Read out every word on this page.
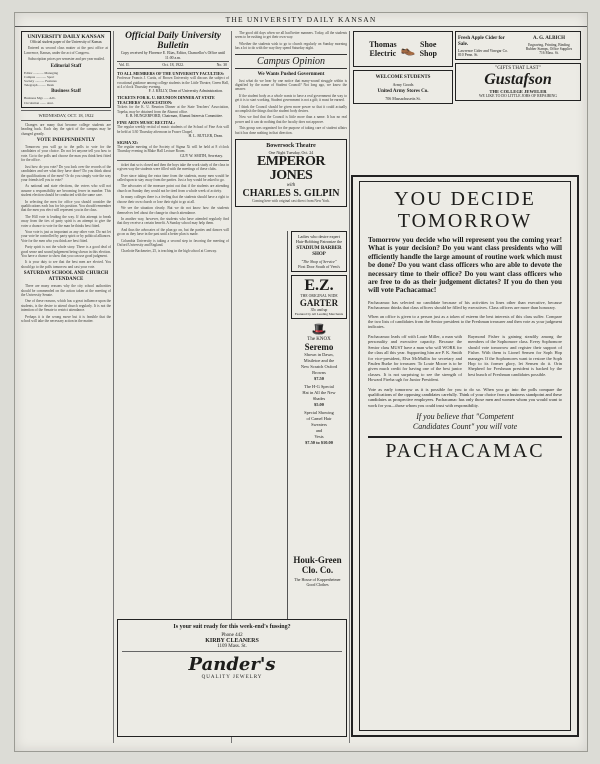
THE UNIVERSITY DAILY KANSAN
UNIVERSITY DAILY KANSAN
Official student paper of the University of Kansas

Entered as second class matter at the post office at Lawrence, Kansas, under the act of Congress.

Subscription prices per semester and per year mailed.

Editorial Staff
Editor ............ Managing
Campus ............ Sport
Society ........... Features
Telegraph ......... Desk
Business Staff
Business Mgr. ..... Adv.
Circulation ....... Asst.
WEDNESDAY, OCT. 18, 1922

Changes are many that become college students are heading back. Each day the spirit of the campus may be changed greatly.

VOTE INDEPENDENTLY

Tomorrow you will go to the polls to vote for the candidates of your choice. Do not let anyone tell you how to vote. Go to the polls and choose the man you think best fitted for the office.

Just how do you vote? Do you look over the records of the candidates and see what they have done? Do you think about the qualifications of the men? Or do you simply vote the way your friends tell you to vote?

As national and state elections, the voters who will not assume a responsibility are becoming fewer in number. This student election should be conducted with the same care.

In selecting the men for office you should consider the qualifications each has for his position. You should remember that the men you elect will represent you in the class.

The Hill vote is leading the way. If this attempt to break away from the ties of party spirit is an attempt to give the voter a chance to vote for the man he thinks best fitted.

Your vote is just as important as any other vote. Do not let your vote be controlled by party spirit or by political alliances. Vote for the men who you think are best fitted.

Party spirit is not the whole story. There is a good deal of good sense and sound judgement being shown in this election. You have a chance to show that you can use good judgment.

It is your duty to see that the best men are elected. You should go to the polls tomorrow and cast your vote.

SATURDAY SCHOOL AND CHURCH ATTENDANCE

There are many reasons why the city school authorities should be commended on the action taken at the meeting of the University Senate.

One of these reasons, which has a great influence upon the students, is the desire to attend church regularly. It is not the intention of the Senate to restrict attendance.

Perhaps it is the wrong move but it is feasible that the school will take the necessary action in the matter.

Official Daily University Bulletin
Copy received by Florence E. Elias, Editor, Chancellor's Office until 11:00 a.m.
Vol. II.	Oct. 18, 1922.	No. 30
TO ALL MEMBERS OF THE UNIVERSITY FACULTIES:
Professor Francis J. Curtis, of Brown University will discuss the subject of vocational guidance among college students in the Little Theatre, Green Hall, at 4 o'clock Thursday evening.
F. J. KELLY, Dean of University Administration.
TICKETS FOR K. U. REUNION DINNER AT STATE TEACHERS' ASSOCIATION:
Tickets for the K. U. Reunion Dinner at the State Teachers' Association, Topeka, may be obtained from the Alumni office.
E. B. HUNGERFORD, Chairman, Alumni Interests Committee.
FINE ARTS MUSIC RECITAL:
The regular weekly recital of music students of the School of Fine Arts will be held at 3:30 Thursday afternoon in Fraser Chapel.
H. L. BUTLER, Dean.
SIGMA XI:
The regular meeting of the Society of Sigma Xi will be held at 8 o'clock Thursday evening in Blake Hall Lecture Room.
GUY W. SMITH, Secretary.

ticket that so is closed and then the boys take the work study of the class in a given way the students were filled with the meetings of these clubs.

Ever since taking the extra time from the students, many men would be called upon to stay away from the parties. Just a boy would be asked to go.

The advocates of the measure point out that if the students are attending church on Sunday they would not be tired from a whole week of activity.

In many colleges there is a feeling that the students should have a right to choose their own church or lose their right to go at all.

We see the situation clearly. But we do not know how the students themselves feel about the change in church attendance.

In another way, however, the students who have attended regularly find that they receive a certain benefit. A Sunday school may help them.

And thus the advocates of the plan go on, but the parties and dances will go on as they have in the past until a better plan is made.

Columbia University is taking a second step in favoring the meeting of Oxford University and England.

Charlotte Backmeier, 25, is teaching in the high school at Conway.

The good old days when we all had better manners. Today, all the students seem to be rushing to get their own way.

Whether the students wish to go to church regularly on Sunday morning has a lot to do with the way they spend Saturday night.

Campus Opinion
We Wants Pushed Government

Just what do we hear by one notice that many-sound struggle within is dignified by the name of Student Council? Not long ago, we know the answer.

If the student body as a whole wants to have a real government the way to get it is to start working. Student government is not a gift; it must be earned.

I think the Council should be given more power so that it could actually accomplish the things that the student body desires.

Now we find that the Council is little more than a name. It has no real power and it can do nothing that the faculty does not approve.

This group was organized for the purpose of taking care of student affairs but it has done nothing in that direction.

Bowersock Theatre
One Night Tuesday, Oct. 24
EMPEROR JONES
with
CHARLES S. GILPIN
Coming here with original cast direct from New York.
Thomas
Electric 👞 Shoe
Shop
WELCOME STUDENTS
Army Goods
United Army Stores Co.
706 Massachusetts St.
Fresh Apple Cider for Sale.
Lawrence Cider and Vinegar Co.
810 Penn. St.
A. G. ALBICH
Engraving, Printing, Binding
Rubber Stamps, Office Supplies
716 Mass. St.
"GIFTS THAT LAST"
Gustafson
THE COLLEGE JEWELER
WE LIKE TO DO LITTLE JOBS OF REPAIRING
Ladies who desire expert Hair-Bobbing Patronize the
STADIUM BARBER SHOP
"The Shop of Service"
First Door South of Vem's
E.Z.
THE ORIGINAL WIDE
GARTER
35c and up
Featured by All Leading Merchants
🎩
The KNOX
Seremo
Shown in Dawn,
Mistletoe and the
New Scratch Oxford
Browns
$7.50
The H-G Special
Hat in All the New
Shades
$5.00
Special Showing
of Camel Hair
Sweaters
and
Vests
$7.50 to $10.00
Houk-Green Clo. Co.
The House of Kuppenheimer Good Clothes
Is your suit ready for this week-end's fussing?
Phone 442
KIRBY CLEANERS
1109 Mass. St.
Pander's
QUALITY JEWELRY
YOU DECIDE
TOMORROW
Tomorrow you decide who will represent you the coming year! What is your decision? Do you want class presidents who will efficiently handle the large amount of routine work which must be done? Do you want class officers who are able to devote the necessary time to their office? Do you want class officers who are free to do as their judgement dictates? If you do then you will vote Pachacamac!
Pachacamac has selected no candidate because of his activities in lines other than executive, because Pachacamac thinks that class officers should be filled by executives. Class officers are more than honorary.
When an office is given to a person just as a token of esteem the best interests of this class suffer. Compare the two lists of candidates from the Senior president to the Freshman treasurer and then vote as your judgment indicates.
Pachacamac leads off with Louie Miller, a man with personality and executive capacity. Because the Senior class MUST have a man who will WORK for the class all this year. Supporting him are P. K. Smith for vice-president, Elva McMullin for secretary and Paulen Burke for treasurer. To Louie Moore is to be given much credit for having one of the best junior classes. It is not surprising to see the strength of Howard Fireba ugh for Junior President.
Raymond Fisher is gaining steadily among the members of the Sophomore class. Every Sophomore should vote tomorrow and register their support of Fisher. With them is Lionel Sensen for Soph Hop manager. If the Sophomores want to restore the Soph Hop to its former glory, let Sensen do it. Orin Shepherd for Freshman president is backed by the best bunch of Freshman candidates possible.
Vote as early tomorrow as it is possible for you to do so. When you go into the polls compare the qualifications of the opposing candidates carefully. Think of your choice from a business standpoint and these candidates as prospective employees. Pachacamac has only those men and women whom you would want to work for you—those whom you could trust with responsibility.
If you believe that "Competent
Candidates Count" you will vote
PACHACAMAC
